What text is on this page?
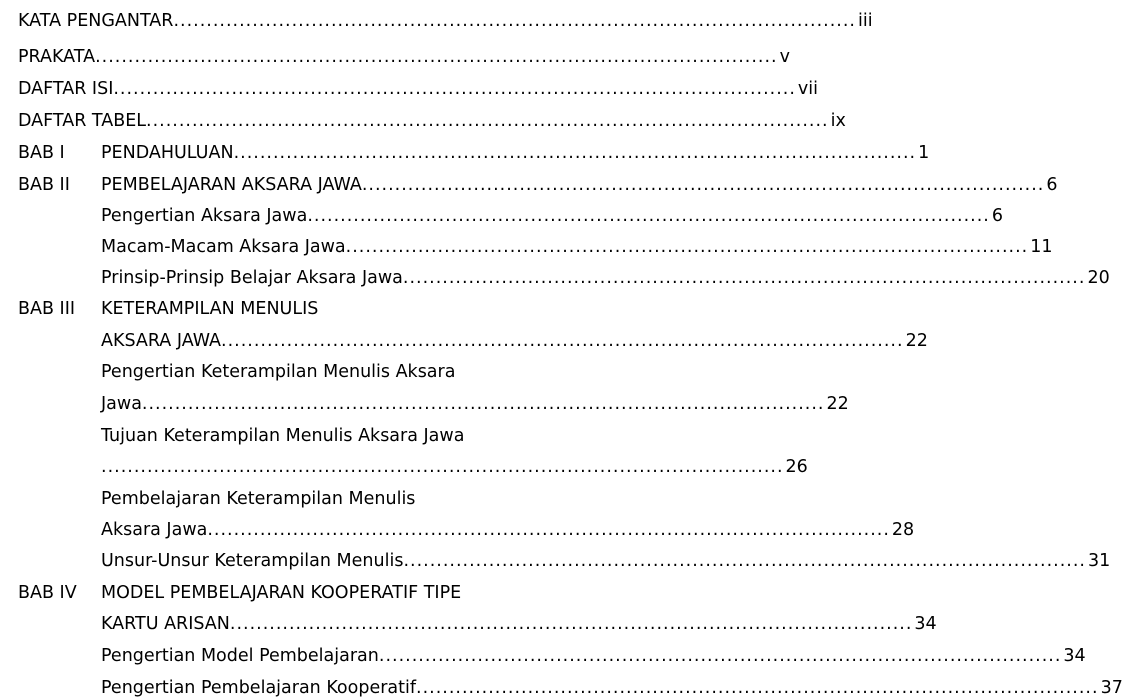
KATA PENGANTAR ........................................................................................................ iii
PRAKATA ........................................................................................................ v
DAFTAR ISI ........................................................................................................ vii
DAFTAR TABEL ........................................................................................................ ix
BAB I PENDAHULUAN ........................................................................................................ 1
BAB II PEMBELAJARAN AKSARA JAWA ........................................................................................................ 6
Pengertian Aksara Jawa ........................................................................................................ 6
Macam-Macam Aksara Jawa ........................................................................................................ 11
Prinsip-Prinsip Belajar Aksara Jawa ........................................................................................................ 20
BAB III KETERAMPILAN MENULIS
AKSARA JAWA ........................................................................................................ 22
Pengertian Keterampilan Menulis Aksara
Jawa ........................................................................................................ 22
Tujuan Keterampilan Menulis Aksara Jawa
........................................................................................................ 26
Pembelajaran Keterampilan Menulis
Aksara Jawa ........................................................................................................ 28
Unsur-Unsur Keterampilan Menulis ........................................................................................................ 31
BAB IV MODEL PEMBELAJARAN KOOPERATIF TIPE
KARTU ARISAN ........................................................................................................ 34
Pengertian Model Pembelajaran ........................................................................................................ 34
Pengertian Pembelajaran Kooperatif ........................................................................................................ 37
